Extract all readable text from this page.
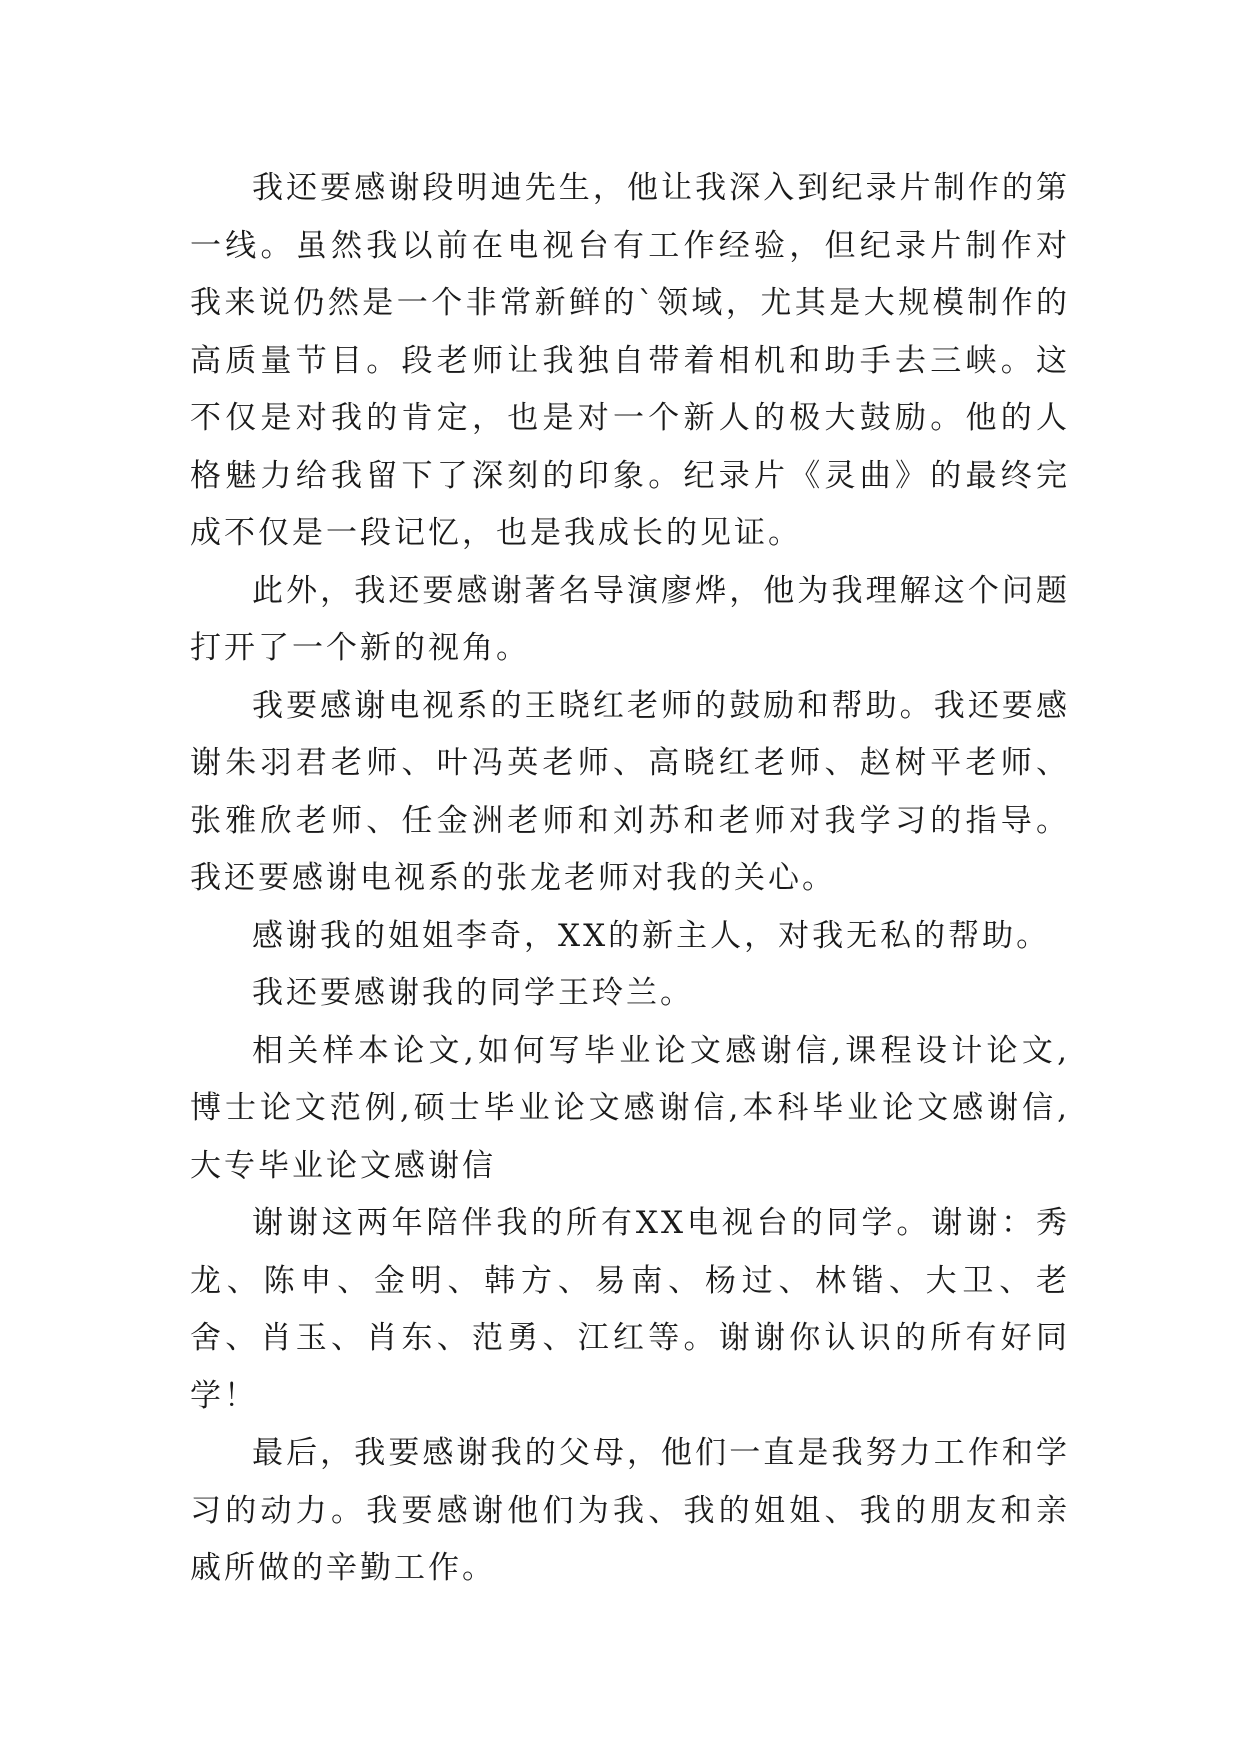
我还要感谢段明迪先生，他让我深入到纪录片制作的第一线。虽然我以前在电视台有工作经验，但纪录片制作对我来说仍然是一个非常新鲜的`领域，尤其是大规模制作的高质量节目。段老师让我独自带着相机和助手去三峡。这不仅是对我的肯定，也是对一个新人的极大鼓励。他的人格魅力给我留下了深刻的印象。纪录片《灵曲》的最终完成不仅是一段记忆，也是我成长的见证。

此外，我还要感谢著名导演廖烨，他为我理解这个问题打开了一个新的视角。

我要感谢电视系的王晓红老师的鼓励和帮助。我还要感谢朱羽君老师、叶冯英老师、高晓红老师、赵树平老师、张雅欣老师、任金洲老师和刘苏和老师对我学习的指导。我还要感谢电视系的张龙老师对我的关心。

感谢我的姐姐李奇，XX的新主人，对我无私的帮助。

我还要感谢我的同学王玲兰。

相关样本论文,如何写毕业论文感谢信,课程设计论文,博士论文范例,硕士毕业论文感谢信,本科毕业论文感谢信,大专毕业论文感谢信

谢谢这两年陪伴我的所有XX电视台的同学。谢谢：秀龙、陈申、金明、韩方、易南、杨过、林锴、大卫、老舍、肖玉、肖东、范勇、江红等。谢谢你认识的所有好同学！

最后，我要感谢我的父母，他们一直是我努力工作和学习的动力。我要感谢他们为我、我的姐姐、我的朋友和亲戚所做的辛勤工作。
